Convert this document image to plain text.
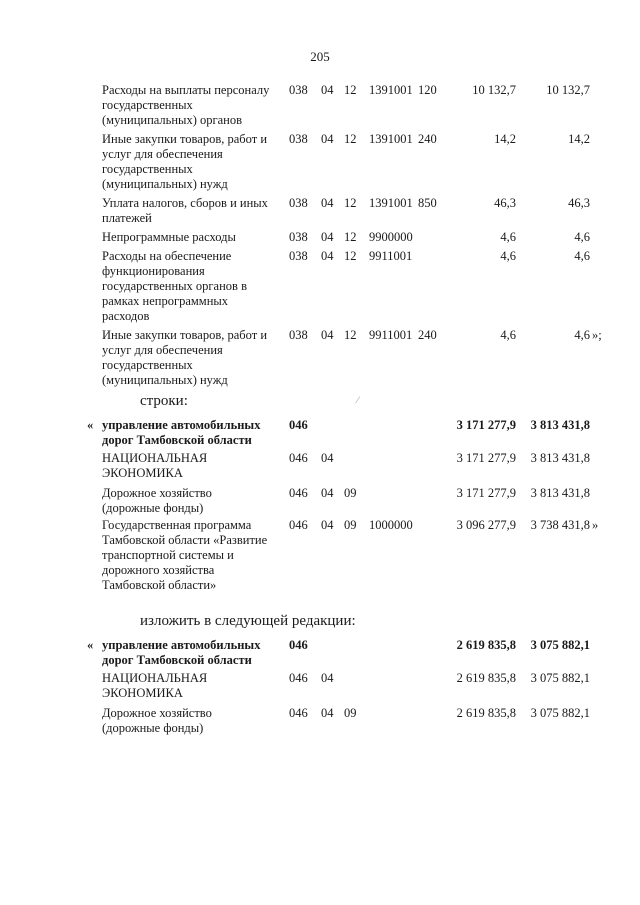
205
Расходы на выплаты персоналу государственных (муниципальных) органов
038 04 12 1391001 120	10 132,7	10 132,7
Иные закупки товаров, работ и услуг для обеспечения государственных (муниципальных) нужд
038 04 12 1391001 240	14,2	14,2
Уплата налогов, сборов и иных платежей
038 04 12 1391001 850	46,3	46,3
Непрограммные расходы	038 04 12 9900000	4,6	4,6
Расходы на обеспечение функционирования государственных органов в рамках непрограммных расходов
038 04 12 9911001	4,6	4,6
Иные закупки товаров, работ и услуг для обеспечения государственных (муниципальных) нужд
038 04 12 9911001 240	4,6	4,6 »;
строки:	⁄
« управление автомобильных дорог Тамбовской области
046	3 171 277,9	3 813 431,8
НАЦИОНАЛЬНАЯ ЭКОНОМИКА
046 04	3 171 277,9	3 813 431,8
Дорожное хозяйство (дорожные фонды)
046 04 09	3 171 277,9	3 813 431,8
Государственная программа Тамбовской области «Развитие транспортной системы и дорожного хозяйства Тамбовской области»
046 04 09 1000000	3 096 277,9	3 738 431,8 »
изложить в следующей редакции:
« управление автомобильных дорог Тамбовской области
046	2 619 835,8	3 075 882,1
НАЦИОНАЛЬНАЯ ЭКОНОМИКА
046 04	2 619 835,8	3 075 882,1
Дорожное хозяйство (дорожные фонды)
046 04 09	2 619 835,8	3 075 882,1
